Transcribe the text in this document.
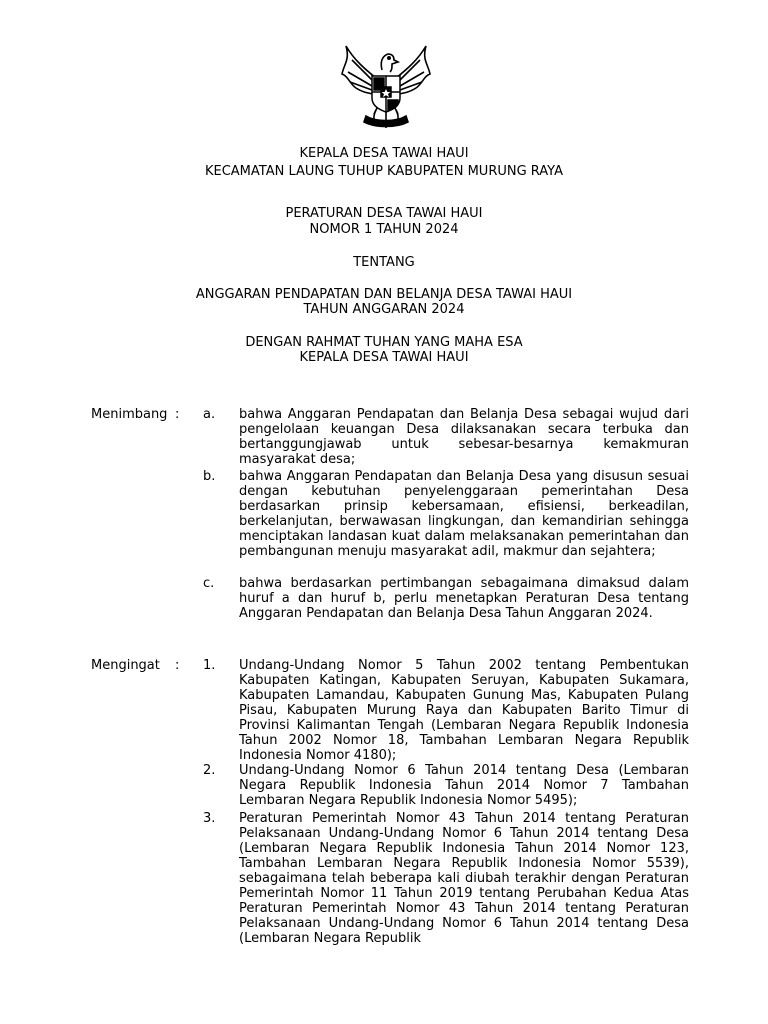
KEPALA DESA TAWAI HAUI
KECAMATAN LAUNG TUHUP KABUPATEN MURUNG RAYA
PERATURAN DESA TAWAI HAUI
NOMOR 1 TAHUN 2024
TENTANG
ANGGARAN PENDAPATAN DAN BELANJA DESA TAWAI HAUI
TAHUN ANGGARAN 2024
DENGAN RAHMAT TUHAN YANG MAHA ESA
KEPALA DESA TAWAI HAUI
Menimbang : a. bahwa Anggaran Pendapatan dan Belanja Desa sebagai wujud dari pengelolaan keuangan Desa dilaksanakan secara terbuka dan bertanggungjawab untuk sebesar-besarnya kemakmuran masyarakat desa;
b. bahwa Anggaran Pendapatan dan Belanja Desa yang disusun sesuai dengan kebutuhan penyelenggaraan pemerintahan Desa berdasarkan prinsip kebersamaan, efisiensi, berkeadilan, berkelanjutan, berwawasan lingkungan, dan kemandirian sehingga menciptakan landasan kuat dalam melaksanakan pemerintahan dan pembangunan menuju masyarakat adil, makmur dan sejahtera;
c. bahwa berdasarkan pertimbangan sebagaimana dimaksud dalam huruf a dan huruf b, perlu menetapkan Peraturan Desa tentang Anggaran Pendapatan dan Belanja Desa Tahun Anggaran 2024.
Mengingat : 1. Undang-Undang Nomor 5 Tahun 2002 tentang Pembentukan Kabupaten Katingan, Kabupaten Seruyan, Kabupaten Sukamara, Kabupaten Lamandau, Kabupaten Gunung Mas, Kabupaten Pulang Pisau, Kabupaten Murung Raya dan Kabupaten Barito Timur di Provinsi Kalimantan Tengah (Lembaran Negara Republik Indonesia Tahun 2002 Nomor 18, Tambahan Lembaran Negara Republik Indonesia Nomor 4180);
2. Undang-Undang Nomor 6 Tahun 2014 tentang Desa (Lembaran Negara Republik Indonesia Tahun 2014 Nomor 7 Tambahan Lembaran Negara Republik Indonesia Nomor 5495);
3. Peraturan Pemerintah Nomor 43 Tahun 2014 tentang Peraturan Pelaksanaan Undang-Undang Nomor 6 Tahun 2014 tentang Desa (Lembaran Negara Republik Indonesia Tahun 2014 Nomor 123, Tambahan Lembaran Negara Republik Indonesia Nomor 5539), sebagaimana telah beberapa kali diubah terakhir dengan Peraturan Pemerintah Nomor 11 Tahun 2019 tentang Perubahan Kedua Atas Peraturan Pemerintah Nomor 43 Tahun 2014 tentang Peraturan Pelaksanaan Undang-Undang Nomor 6 Tahun 2014 tentang Desa (Lembaran Negara Republik
